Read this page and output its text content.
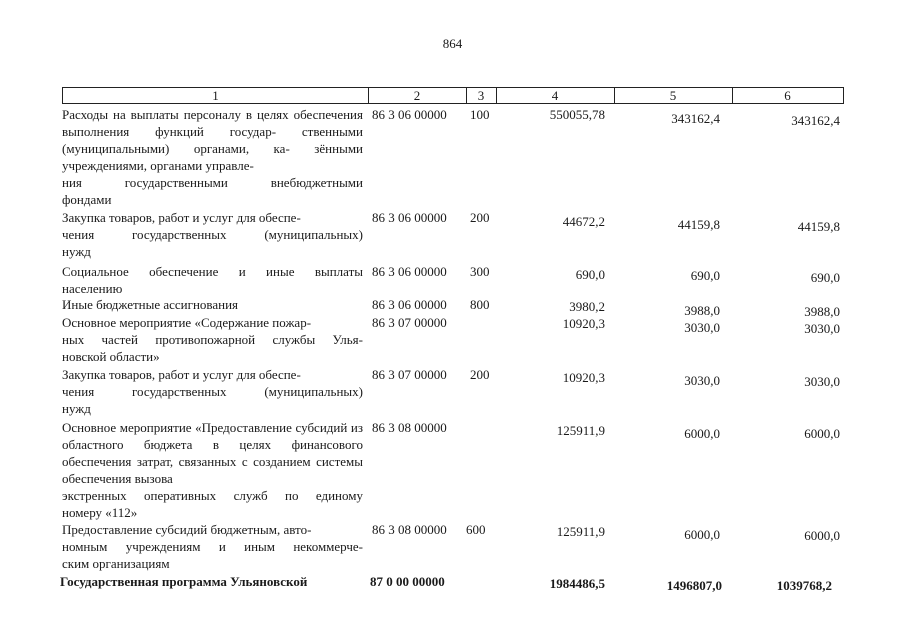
864
1	2	3	4	5	6
Расходы на выплаты персоналу в целях обеспечения выполнения функций государ- ственными (муниципальными) органами, ка- зёнными учреждениями, органами управле-
ния государственными внебюджетными
фондами
86 3 06 00000 100	550055,78	343162,4	343162,4
Закупка товаров, работ и услуг для обеспе-
чения государственных (муниципальных)
нужд
86 3 06 00000 200	44672,2	44159,8	44159,8
Социальное обеспечение и иные выплаты
населению
86 3 06 00000 300	690,0	690,0	690,0
Иные бюджетные ассигнования	86 3 06 00000 800	3980,2	3988,0	3988,0
Основное мероприятие «Содержание пожар-
ных частей противопожарной службы Улья-
новской области»
86 3 07 00000	10920,3	3030,0	3030,0
Закупка товаров, работ и услуг для обеспе-
чения государственных (муниципальных)
нужд
86 3 07 00000 200	10920,3	3030,0	3030,0
Основное мероприятие «Предоставление субсидий из областного бюджета в целях финансового обеспечения затрат, связанных с созданием системы обеспечения вызова
экстренных оперативных служб по единому
номеру «112»
86 3 08 00000	125911,9	6000,0	6000,0
Предоставление субсидий бюджетным, авто-
номным учреждениям и иным некоммерче-
ским организациям
86 3 08 00000 600	125911,9	6000,0	6000,0
Государственная программа Ульяновской	87 0 00 00000	1984486,5	1496807,0	1039768,2
